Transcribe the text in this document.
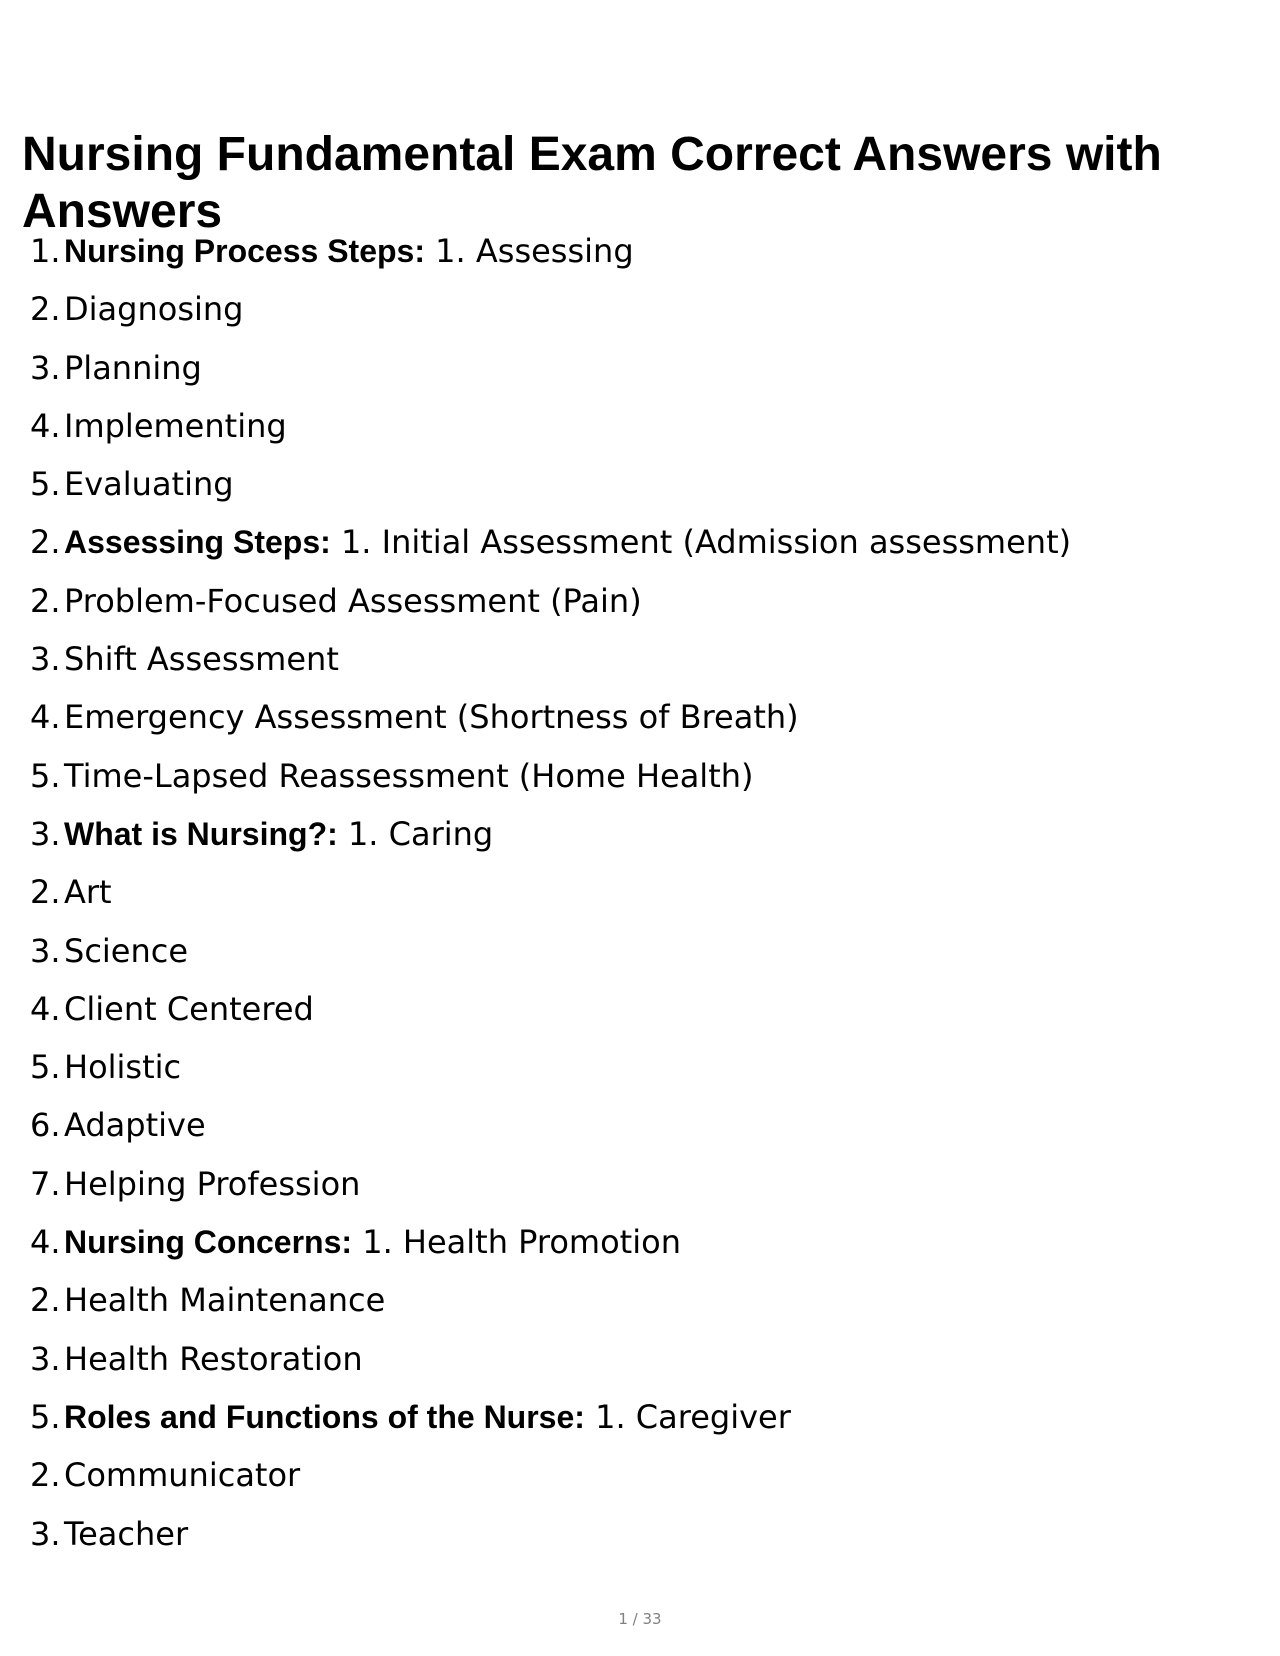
Nursing Fundamental Exam Correct Answers with Answers
1. Nursing Process Steps: 1. Assessing
2. Diagnosing
3. Planning
4. Implementing
5. Evaluating
2. Assessing Steps: 1. Initial Assessment (Admission assessment)
2. Problem-Focused Assessment (Pain)
3. Shift Assessment
4. Emergency Assessment (Shortness of Breath)
5. Time-Lapsed Reassessment (Home Health)
3. What is Nursing?: 1. Caring
2. Art
3. Science
4. Client Centered
5. Holistic
6. Adaptive
7. Helping Profession
4. Nursing Concerns: 1. Health Promotion
2. Health Maintenance
3. Health Restoration
5. Roles and Functions of the Nurse: 1. Caregiver
2. Communicator
3. Teacher
1 / 33
